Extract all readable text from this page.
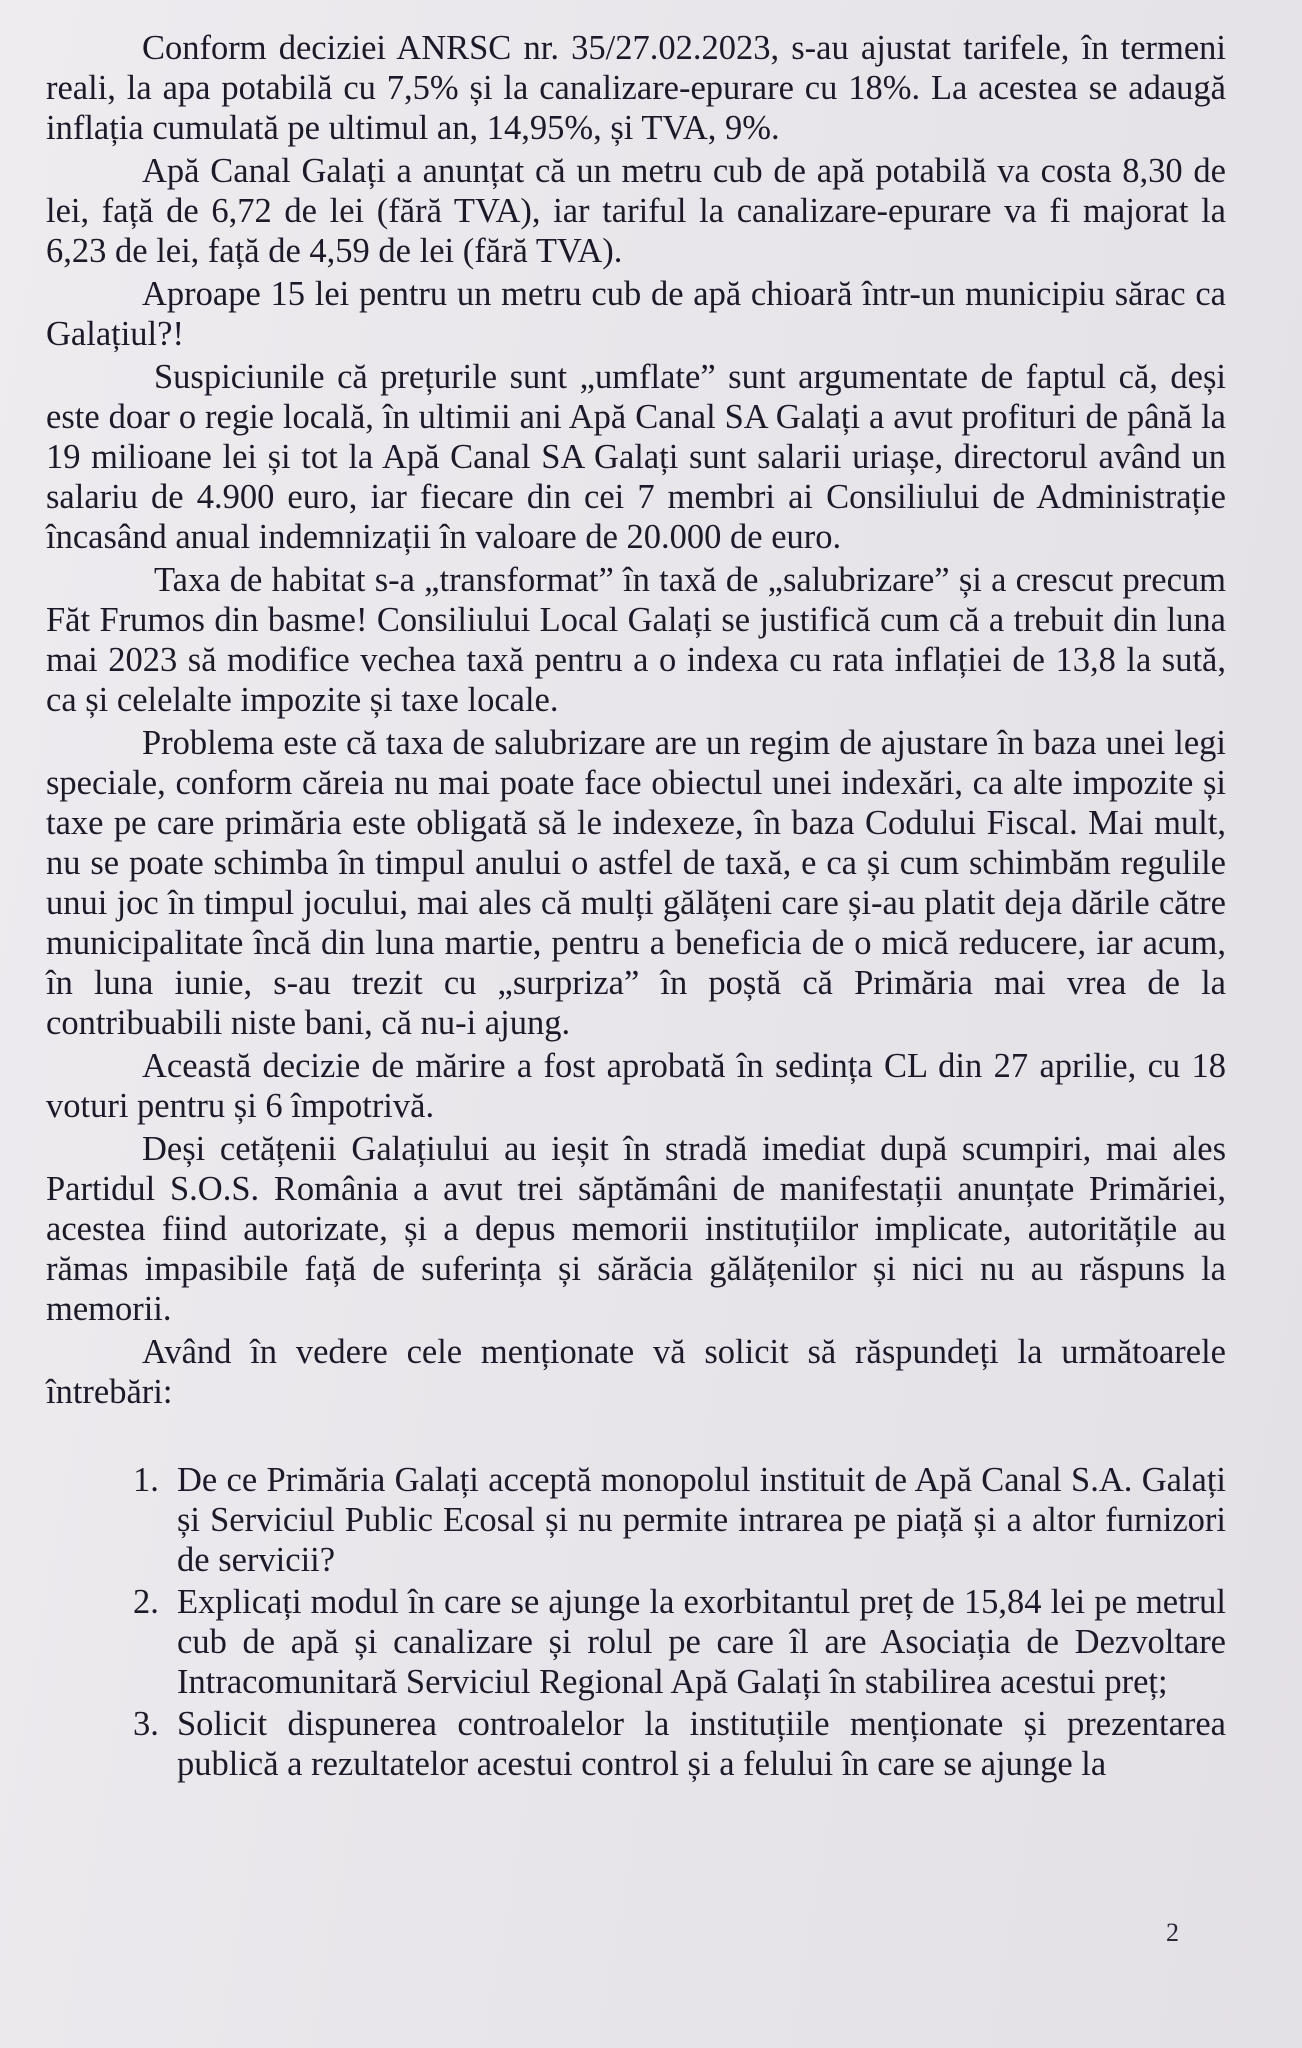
Conform deciziei ANRSC nr. 35/27.02.2023, s-au ajustat tarifele, în termeni reali, la apa potabilă cu 7,5% și la canalizare-epurare cu 18%. La acestea se adaugă inflația cumulată pe ultimul an, 14,95%, și TVA, 9%.

Apă Canal Galați a anunțat că un metru cub de apă potabilă va costa 8,30 de lei, față de 6,72 de lei (fără TVA), iar tariful la canalizare-epurare va fi majorat la 6,23 de lei, față de 4,59 de lei (fără TVA).

Aproape 15 lei pentru un metru cub de apă chioară într-un municipiu sărac ca Galațiul?!

Suspiciunile că prețurile sunt „umflate” sunt argumentate de faptul că, deși este doar o regie locală, în ultimii ani Apă Canal SA Galați a avut profituri de până la 19 milioane lei și tot la Apă Canal SA Galați sunt salarii uriașe, directorul având un salariu de 4.900 euro, iar fiecare din cei 7 membri ai Consiliului de Administrație încasând anual indemnizații în valoare de 20.000 de euro.

Taxa de habitat s-a „transformat” în taxă de „salubrizare” și a crescut precum Făt Frumos din basme! Consiliului Local Galați se justifică cum că a trebuit din luna mai 2023 să modifice vechea taxă pentru a o indexa cu rata inflației de 13,8 la sută, ca și celelalte impozite și taxe locale.

Problema este că taxa de salubrizare are un regim de ajustare în baza unei legi speciale, conform căreia nu mai poate face obiectul unei indexări, ca alte impozite și taxe pe care primăria este obligată să le indexeze, în baza Codului Fiscal. Mai mult, nu se poate schimba în timpul anului o astfel de taxă, e ca și cum schimbăm regulile unui joc în timpul jocului, mai ales că mulți gălățeni care și-au platit deja dările către municipalitate încă din luna martie, pentru a beneficia de o mică reducere, iar acum, în luna iunie, s-au trezit cu „surpriza” în poștă că Primăria mai vrea de la contribuabili niste bani, că nu-i ajung.

Această decizie de mărire a fost aprobată în sedința CL din 27 aprilie, cu 18 voturi pentru și 6 împotrivă.

Deși cetățenii Galațiului au ieșit în stradă imediat după scumpiri, mai ales Partidul S.O.S. România a avut trei săptămâni de manifestații anunțate Primăriei, acestea fiind autorizate, și a depus memorii instituțiilor implicate, autoritățile au rămas impasibile față de suferința și sărăcia gălățenilor și nici nu au răspuns la memorii.

Având în vedere cele menționate vă solicit să răspundeți la următoarele întrebări:

1. De ce Primăria Galați acceptă monopolul instituit de Apă Canal S.A. Galați și Serviciul Public Ecosal și nu permite intrarea pe piață și a altor furnizori de servicii?
2. Explicați modul în care se ajunge la exorbitantul preț de 15,84 lei pe metrul cub de apă și canalizare și rolul pe care îl are Asociația de Dezvoltare Intracomunitară Serviciul Regional Apă Galați în stabilirea acestui preț;
3. Solicit dispunerea controalelor la instituțiile menționate și prezentarea publică a rezultatelor acestui control și a felului în care se ajunge la
2
